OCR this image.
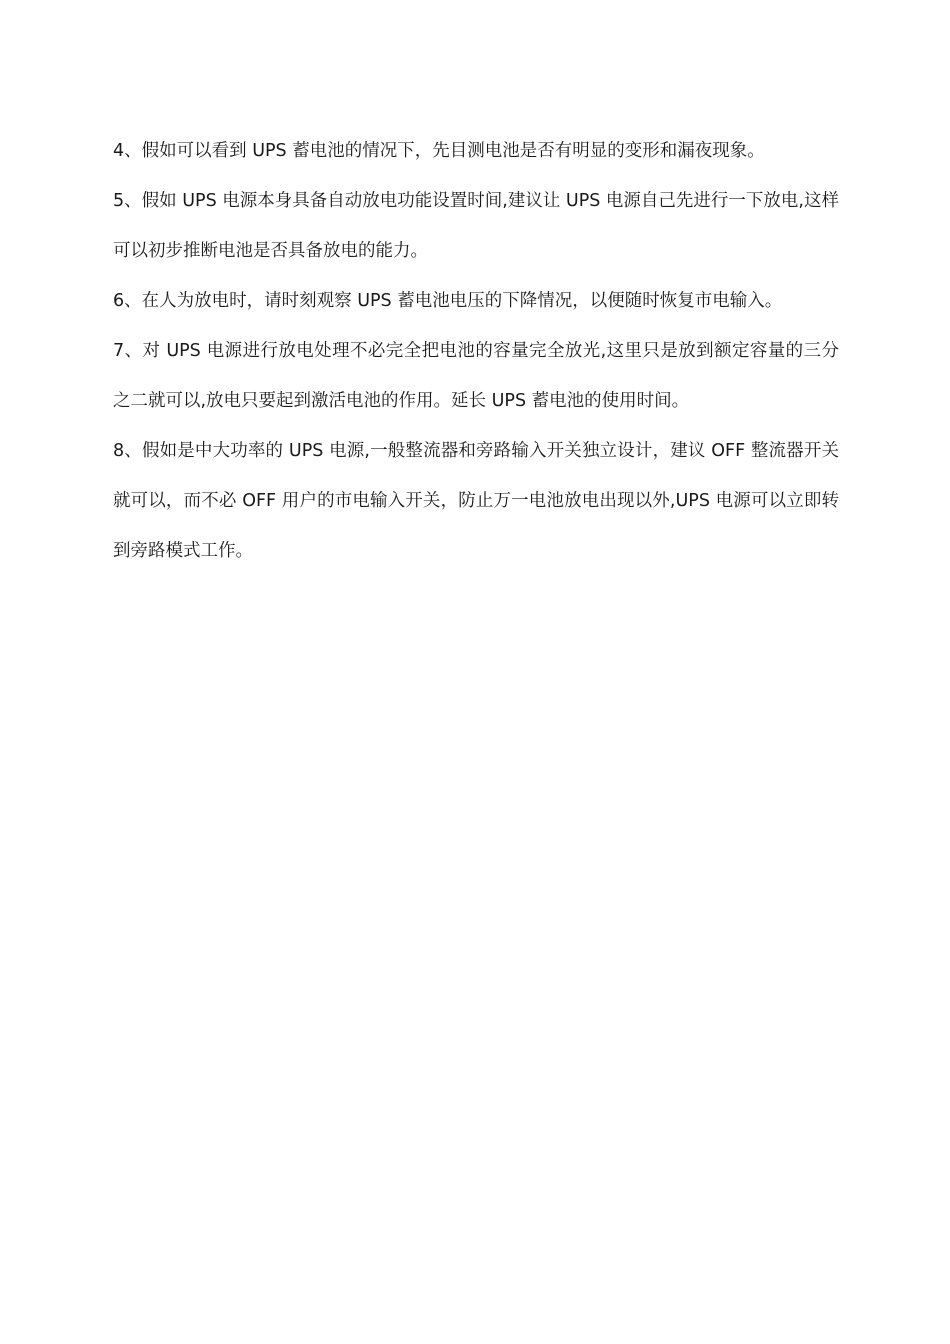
4、假如可以看到 UPS 蓄电池的情况下，先目测电池是否有明显的变形和漏夜现象。

5、假如 UPS 电源本身具备自动放电功能设置时间,建议让 UPS 电源自己先进行一下放电,这样可以初步推断电池是否具备放电的能力。

6、在人为放电时，请时刻观察 UPS 蓄电池电压的下降情况，以便随时恢复市电输入。

7、对 UPS 电源进行放电处理不必完全把电池的容量完全放光,这里只是放到额定容量的三分之二就可以,放电只要起到激活电池的作用。延长 UPS 蓄电池的使用时间。

8、假如是中大功率的 UPS 电源,一般整流器和旁路输入开关独立设计，建议 OFF 整流器开关就可以，而不必 OFF 用户的市电输入开关，防止万一电池放电出现以外,UPS 电源可以立即转到旁路模式工作。
